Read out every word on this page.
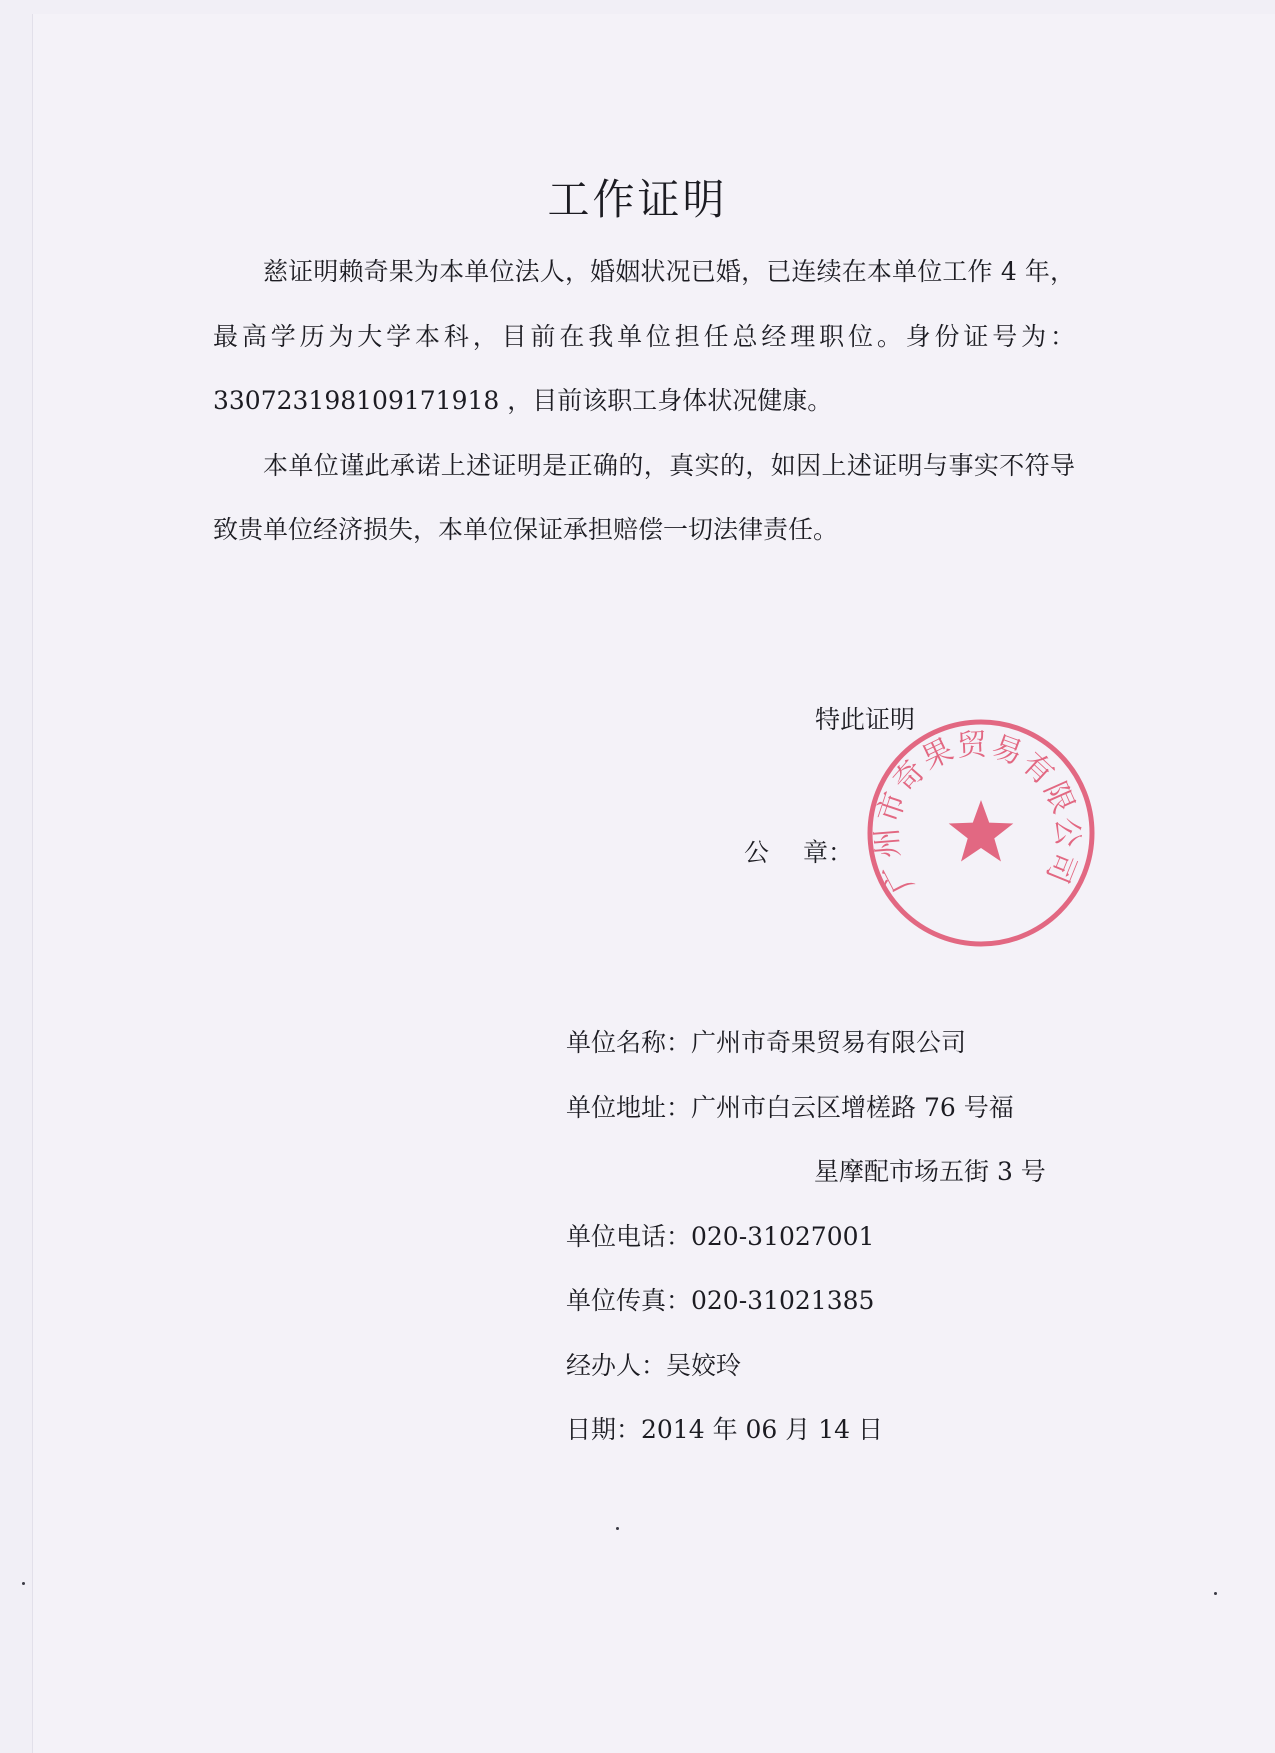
工作证明

慈证明赖奇果为本单位法人，婚姻状况已婚，已连续在本单位工作 4 年，最高学历为大学本科，目前在我单位担任总经理职位。身份证号为：330723198109171918 ，目前该职工身体状况健康。

本单位谨此承诺上述证明是正确的，真实的，如因上述证明与事实不符导致贵单位经济损失，本单位保证承担赔偿一切法律责任。

特此证明
公 章：
广州市奇果贸易有限公司
单位名称：广州市奇果贸易有限公司
单位地址：广州市白云区增槎路 76 号福
星摩配市场五街 3 号
单位电话：020-31027001
单位传真：020-31021385
经办人：吴姣玲
日期：2014 年 06 月 14 日
